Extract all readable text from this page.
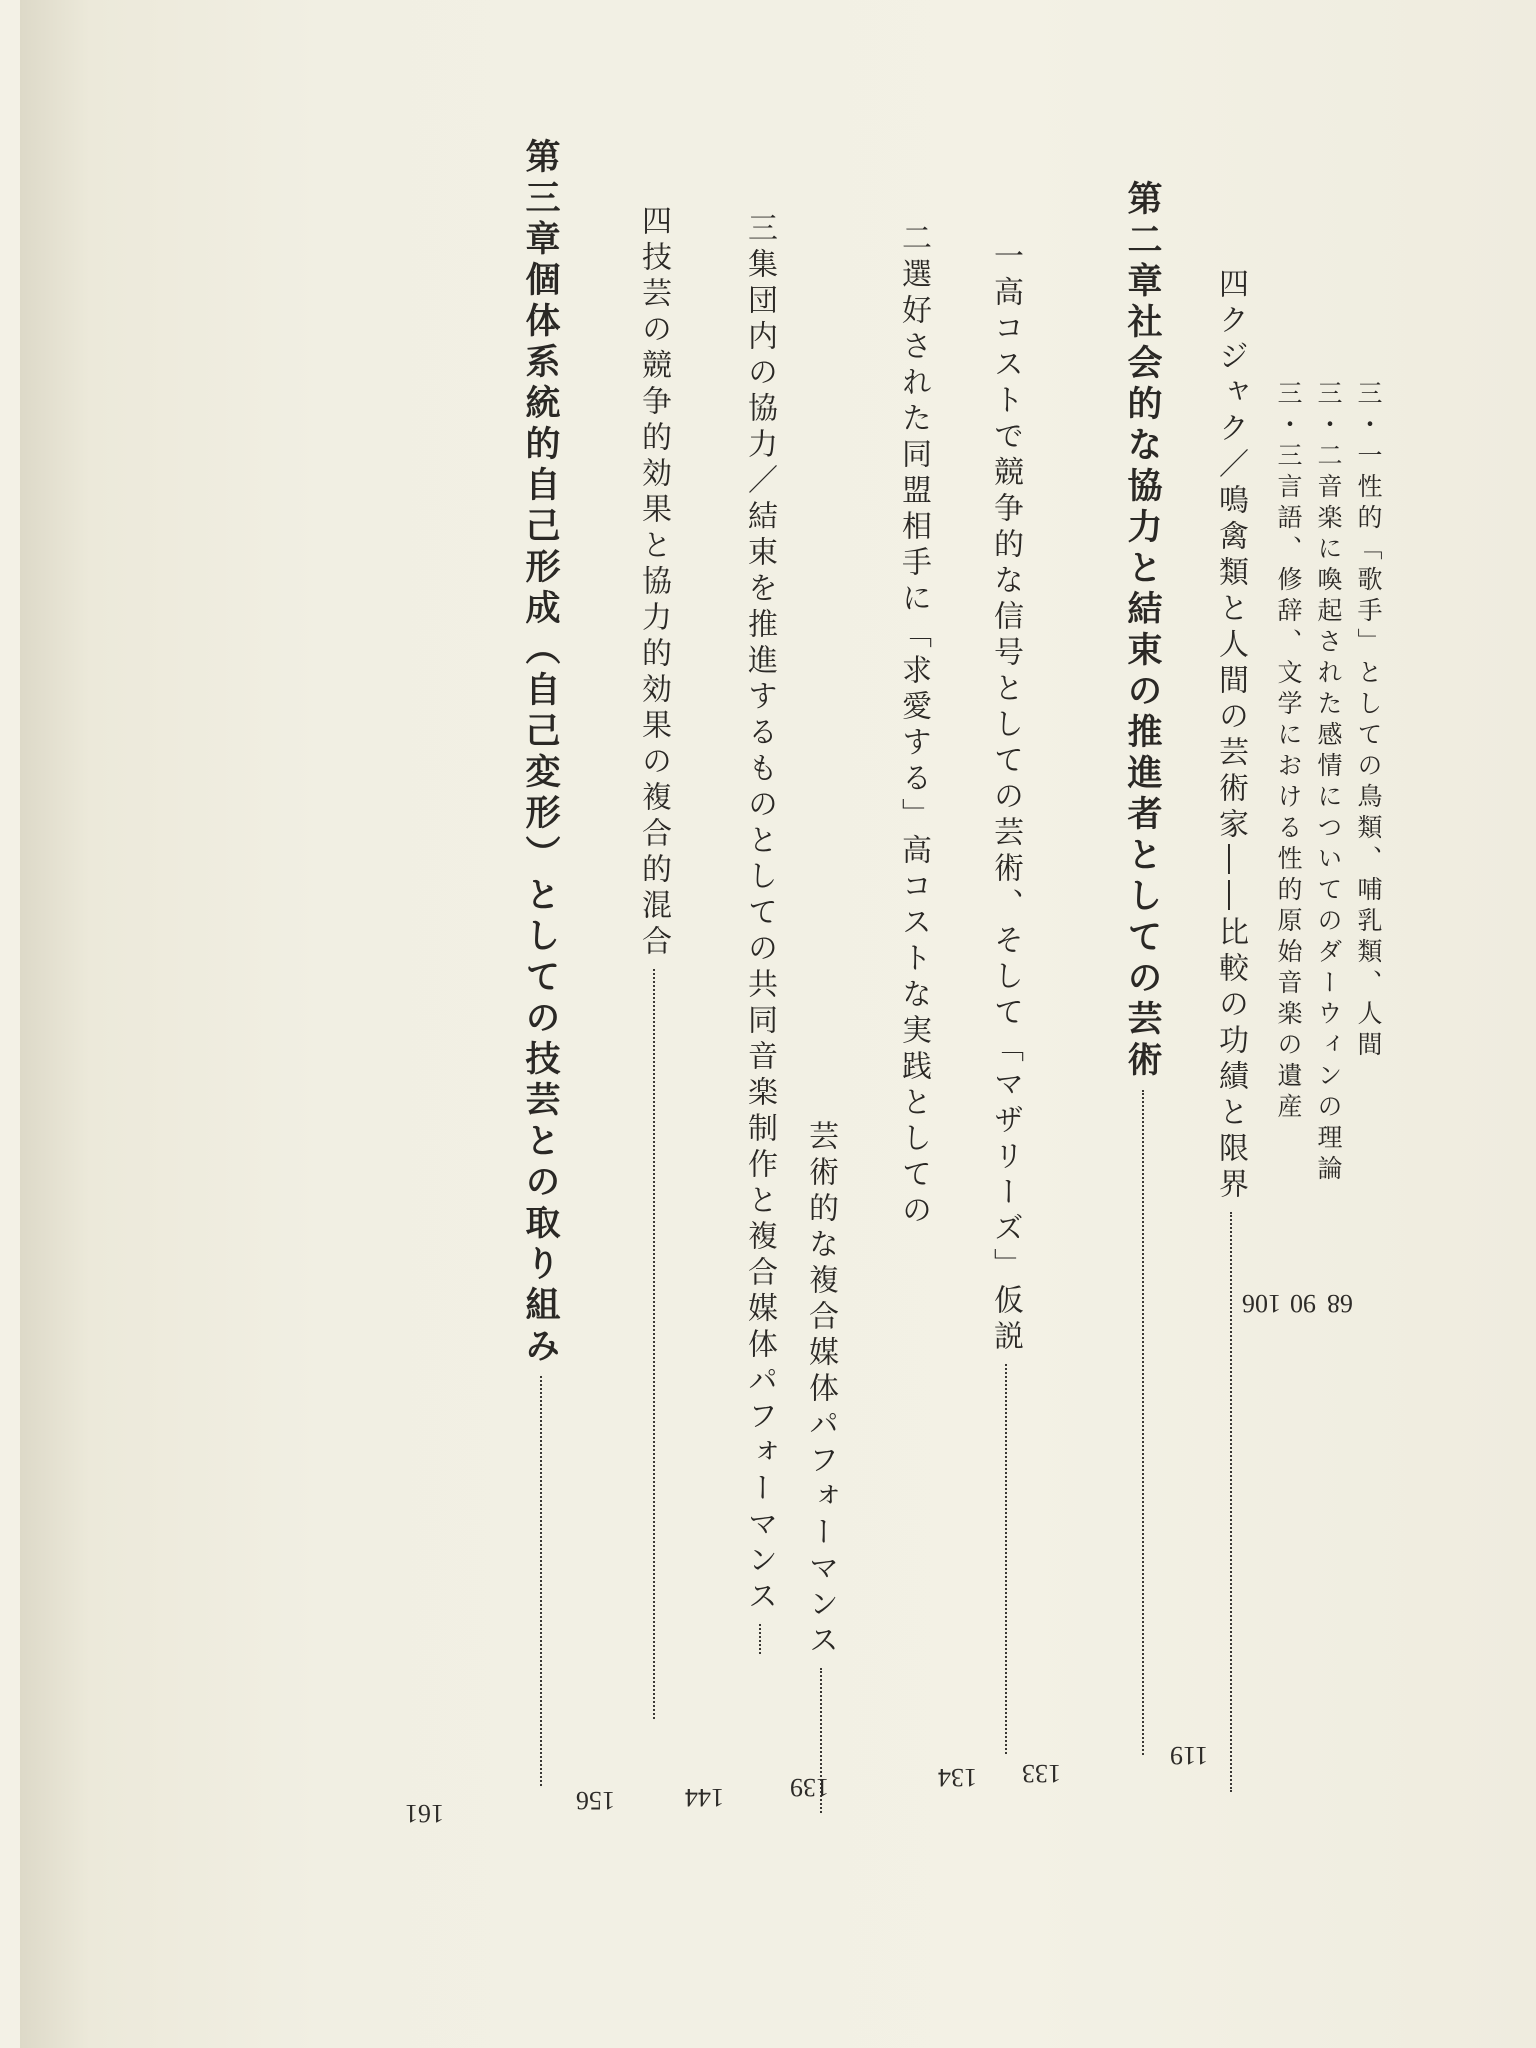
三・一性的「歌手」としての鳥類、哺乳類、人間
68
三・二音楽に喚起された感情についてのダーウィンの理論
90
三・三言語、修辞、文学における性的原始音楽の遺産
106
四クジャク／鳴禽類と人間の芸術家――比較の功績と限界
119
第二章社会的な協力と結束の推進者としての芸術
133
一高コストで競争的な信号としての芸術、そして「マザリーズ」仮説
134
二選好された同盟相手に「求愛する」高コストな実践としての
芸術的な複合媒体パフォーマンス
139
三集団内の協力／結束を推進するものとしての共同音楽制作と複合媒体パフォーマンス
144
四技芸の競争的効果と協力的効果の複合的混合
156
第三章個体系統的自己形成（自己変形）としての技芸との取り組み
161
